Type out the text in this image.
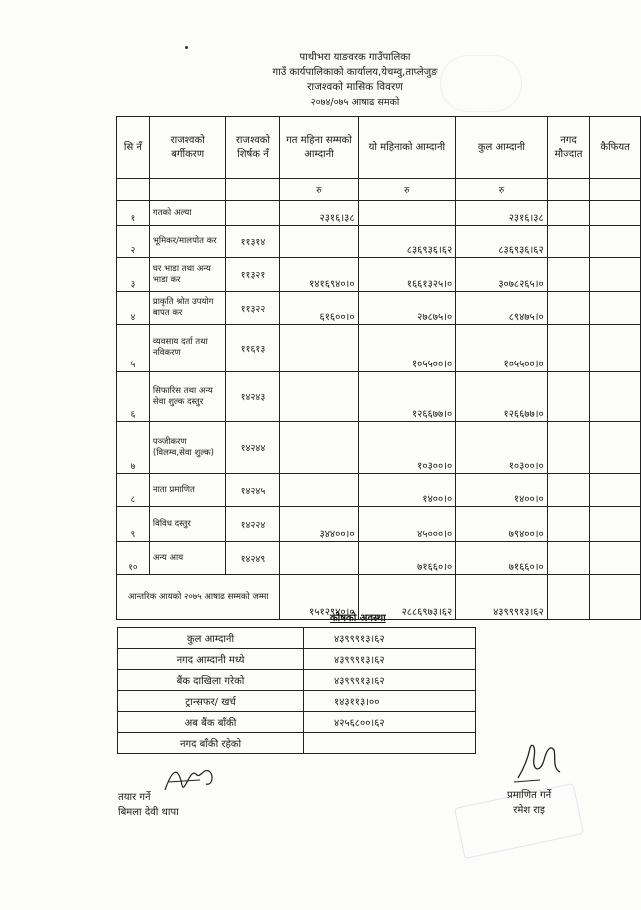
पाथीभरा याङवरक गाउँपालिका
गाउँ कार्यपालिकाको कार्यालय,येचम्वु,ताप्लेजुङ
राजश्वको मासिक विवरण
२०७४/०७५ आषाढ समको
सि नँ	राजश्वको बर्गीकरण	राजश्वको शिर्षक नँ	गत महिना सम्मको आम्दानी	यो महिनाको आम्दानी	कुल आम्दानी	नगद मौज्दात	कैफियत
			रु	रु	रु		
१	गतको अल्या		२३१६।३८		२३१६।३८		
२	भूमिकर/मालपोत कर	११३१४		८३६९३६।६२	८३६९३६।६२		
३	घर भाडा तथा अन्य भाडा कर	११३२१	१४१६९४०।०	१६६१३२५।०	३०७८२६५।०		
४	प्राकृति श्रोत उपयोग बापत कर	११३२२	६१६००।०	२७८७५।०	८९४७५।०		
५	व्यवसाय दर्ता तथा नविकरण	११६१३		१०५५००।०	१०५५००।०		
६	सिफारिस तथा अन्य सेवा शुल्क दस्तुर	१४२४३		१२६६७७।०	१२६६७७।०		
७	पञ्जीकरण (विलम्व,सेवा शुल्क)	१४२४४		१०३००।०	१०३००।०		
८	नाता प्रमाणित	१४२४५		१४००।०	१४००।०		
९	विविध दस्तुर	१४२२४	३४४००।०	४५०००।०	७९४००।०		
१०	अन्य आय	१४२४९		७१६६०।०	७१६६०।०		
आन्तरिक आयको २०७५ आषाढ सम्मको जम्मा			१५१२९४०।०	२८८६९७३।६२	४३९९९१३।६२		
कोषको अवस्था
कुल आम्दानी	४३९९९१३।६२
नगद आम्दानी मध्ये	४३९९९१३।६२
बैंक दाखिला गरेको	४३९९९१३।६२
ट्रान्सफर/ खर्च	१४३११३।००
अब बैंक बाँकी	४२५६८००।६२
नगद बाँकी रहेको	
तयार गर्ने
बिमला देवी थापा
प्रमाणित गर्ने
रमेश राइ
